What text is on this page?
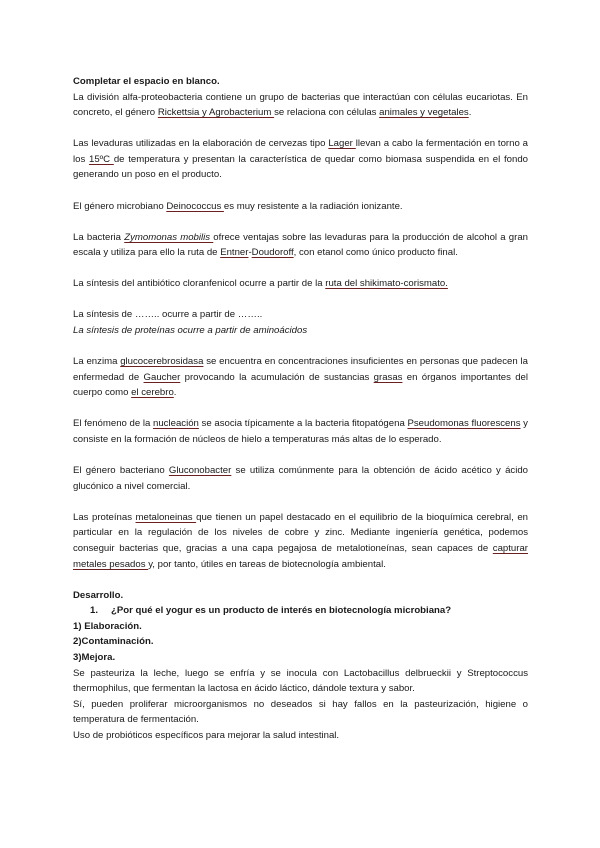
Completar el espacio en blanco.

La división alfa-proteobacteria contiene un grupo de bacterias que interactúan con células eucariotas. En concreto, el género Rickettsia y Agrobacterium se relaciona con células animales y vegetales.

Las levaduras utilizadas en la elaboración de cervezas tipo Lager llevan a cabo la fermentación en torno a los 15ºC de temperatura y presentan la característica de quedar como biomasa suspendida en el fondo generando un poso en el producto.

El género microbiano Deinococcus es muy resistente a la radiación ionizante.

La bacteria Zymomonas mobilis ofrece ventajas sobre las levaduras para la producción de alcohol a gran escala y utiliza para ello la ruta de Entner-Doudoroff, con etanol como único producto final.

La síntesis del antibiótico cloranfenicol ocurre a partir de la ruta del shikimato-corismato.

La síntesis de …….. ocurre a partir de ……..

La síntesis de proteínas ocurre a partir de aminoácidos

La enzima glucocerebrosidasa se encuentra en concentraciones insuficientes en personas que padecen la enfermedad de Gaucher provocando la acumulación de sustancias grasas en órganos importantes del cuerpo como el cerebro.

El fenómeno de la nucleación se asocia típicamente a la bacteria fitopatógena Pseudomonas fluorescens y consiste en la formación de núcleos de hielo a temperaturas más altas de lo esperado.

El género bacteriano Gluconobacter se utiliza comúnmente para la obtención de ácido acético y ácido glucónico a nivel comercial.

Las proteínas metaloneinas que tienen un papel destacado en el equilibrio de la bioquímica cerebral, en particular en la regulación de los niveles de cobre y zinc. Mediante ingeniería genética, podemos conseguir bacterias que, gracias a una capa pegajosa de metalotioneínas, sean capaces de capturar metales pesados y, por tanto, útiles en tareas de biotecnología ambiental.

Desarrollo.

1. ¿Por qué el yogur es un producto de interés en biotecnología microbiana?

1) Elaboración.

2)Contaminación.

3)Mejora.

Se pasteuriza la leche, luego se enfría y se inocula con Lactobacillus delbrueckii y Streptococcus thermophilus, que fermentan la lactosa en ácido láctico, dándole textura y sabor.

Sí, pueden proliferar microorganismos no deseados si hay fallos en la pasteurización, higiene o temperatura de fermentación.

Uso de probióticos específicos para mejorar la salud intestinal.
